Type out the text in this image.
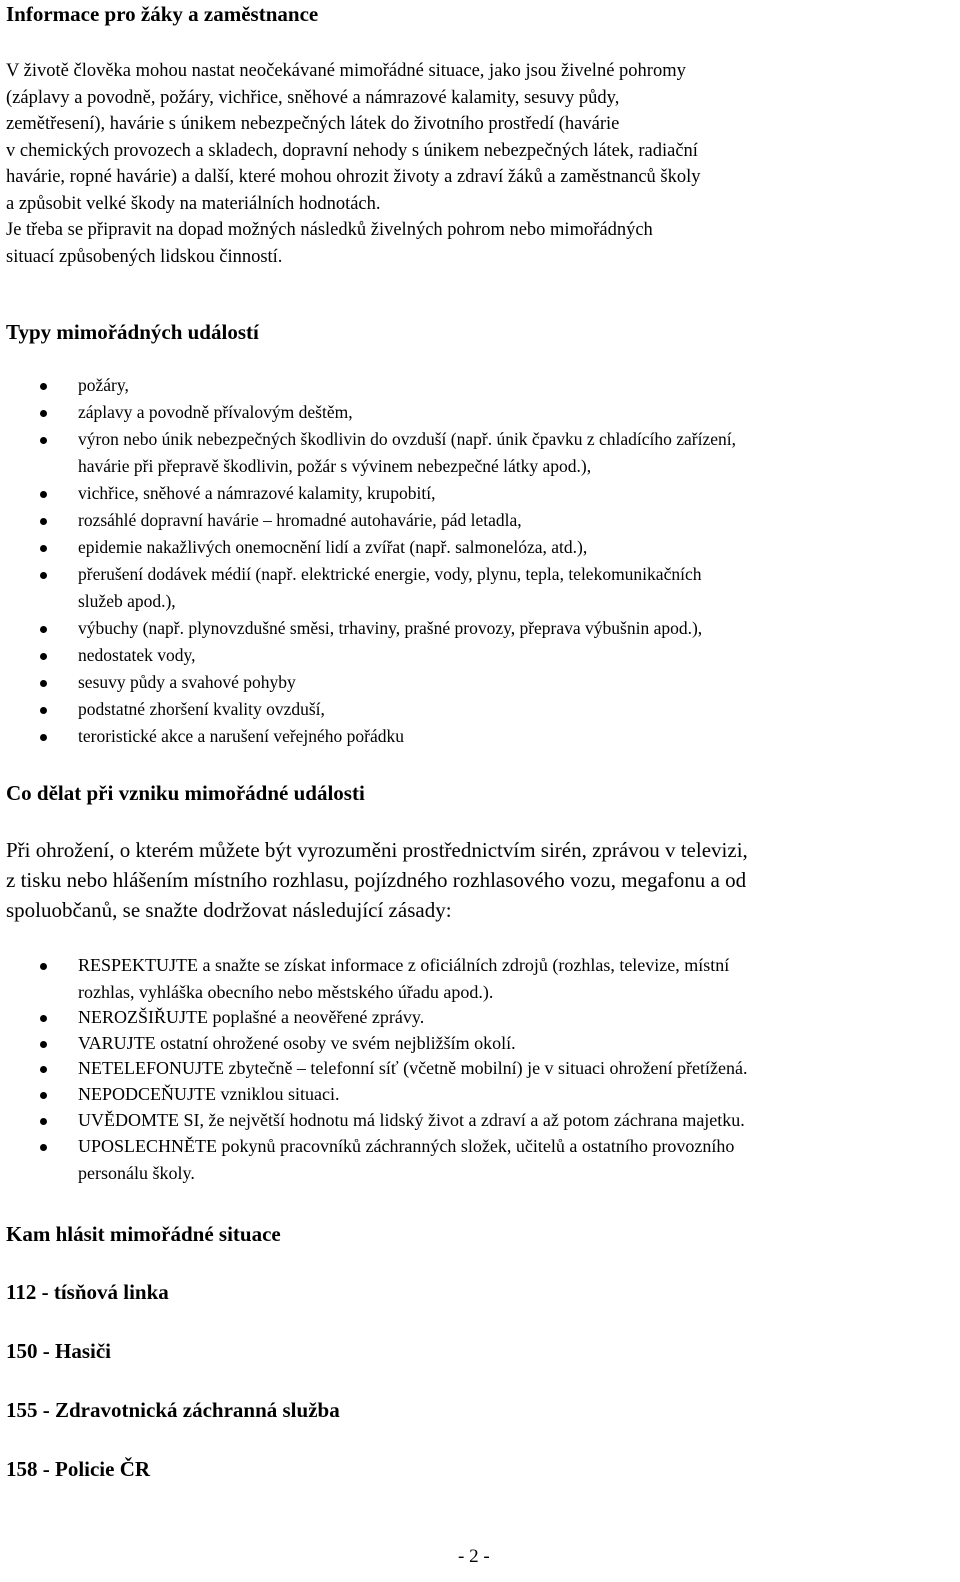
Informace pro žáky a zaměstnance
V životě člověka mohou nastat neočekávané mimořádné situace, jako jsou živelné pohromy
(záplavy a povodně, požáry, vichřice, sněhové a námrazové kalamity, sesuvy půdy,
zemětřesení), havárie s únikem nebezpečných látek do životního prostředí (havárie
v chemických provozech a skladech, dopravní nehody s únikem nebezpečných látek, radiační
havárie, ropné havárie) a další, které mohou ohrozit životy a zdraví žáků a zaměstnanců školy
a způsobit velké škody na materiálních hodnotách.
Je třeba se připravit na dopad možných následků živelných pohrom nebo mimořádných
situací způsobených lidskou činností.
Typy mimořádných událostí
požáry,
záplavy a povodně přívalovým deštěm,
výron nebo únik nebezpečných škodlivin do ovzduší (např. únik čpavku z chladícího zařízení,
havárie při přepravě škodlivin, požár s vývinem nebezpečné látky apod.),
vichřice, sněhové a námrazové kalamity, krupobití,
rozsáhlé dopravní havárie – hromadné autohavárie, pád letadla,
epidemie nakažlivých onemocnění lidí a zvířat (např. salmonelóza, atd.),
přerušení dodávek médií (např. elektrické energie, vody, plynu, tepla, telekomunikačních
služeb apod.),
výbuchy (např. plynovzdušné směsi, trhaviny, prašné provozy, přeprava výbušnin apod.),
nedostatek vody,
sesuvy půdy a svahové pohyby
podstatné zhoršení kvality ovzduší,
teroristické akce a narušení veřejného pořádku
Co dělat při vzniku mimořádné události
Při ohrožení, o kterém můžete být vyrozuměni prostřednictvím sirén, zprávou v televizi,
z tisku nebo hlášením místního rozhlasu, pojízdného rozhlasového vozu, megafonu a od
spoluobčanů, se snažte dodržovat následující zásady:
RESPEKTUJTE a snažte se získat informace z oficiálních zdrojů (rozhlas, televize, místní
rozhlas, vyhláška obecního nebo městského úřadu apod.).
NEROZŠIŘUJTE poplašné a neověřené zprávy.
VARUJTE ostatní ohrožené osoby ve svém nejbližším okolí.
NETELEFONUJTE zbytečně – telefonní síť (včetně mobilní) je v situaci ohrožení přetížená.
NEPODCEŇUJTE vzniklou situaci.
UVĚDOMTE SI, že největší hodnotu má lidský život a zdraví a až potom záchrana majetku.
UPOSLECHNĚTE pokynů pracovníků záchranných složek, učitelů a ostatního provozního
personálu školy.
Kam hlásit mimořádné situace
112 - tísňová linka
150 - Hasiči
155 - Zdravotnická záchranná služba
158 - Policie ČR
- 2 -
